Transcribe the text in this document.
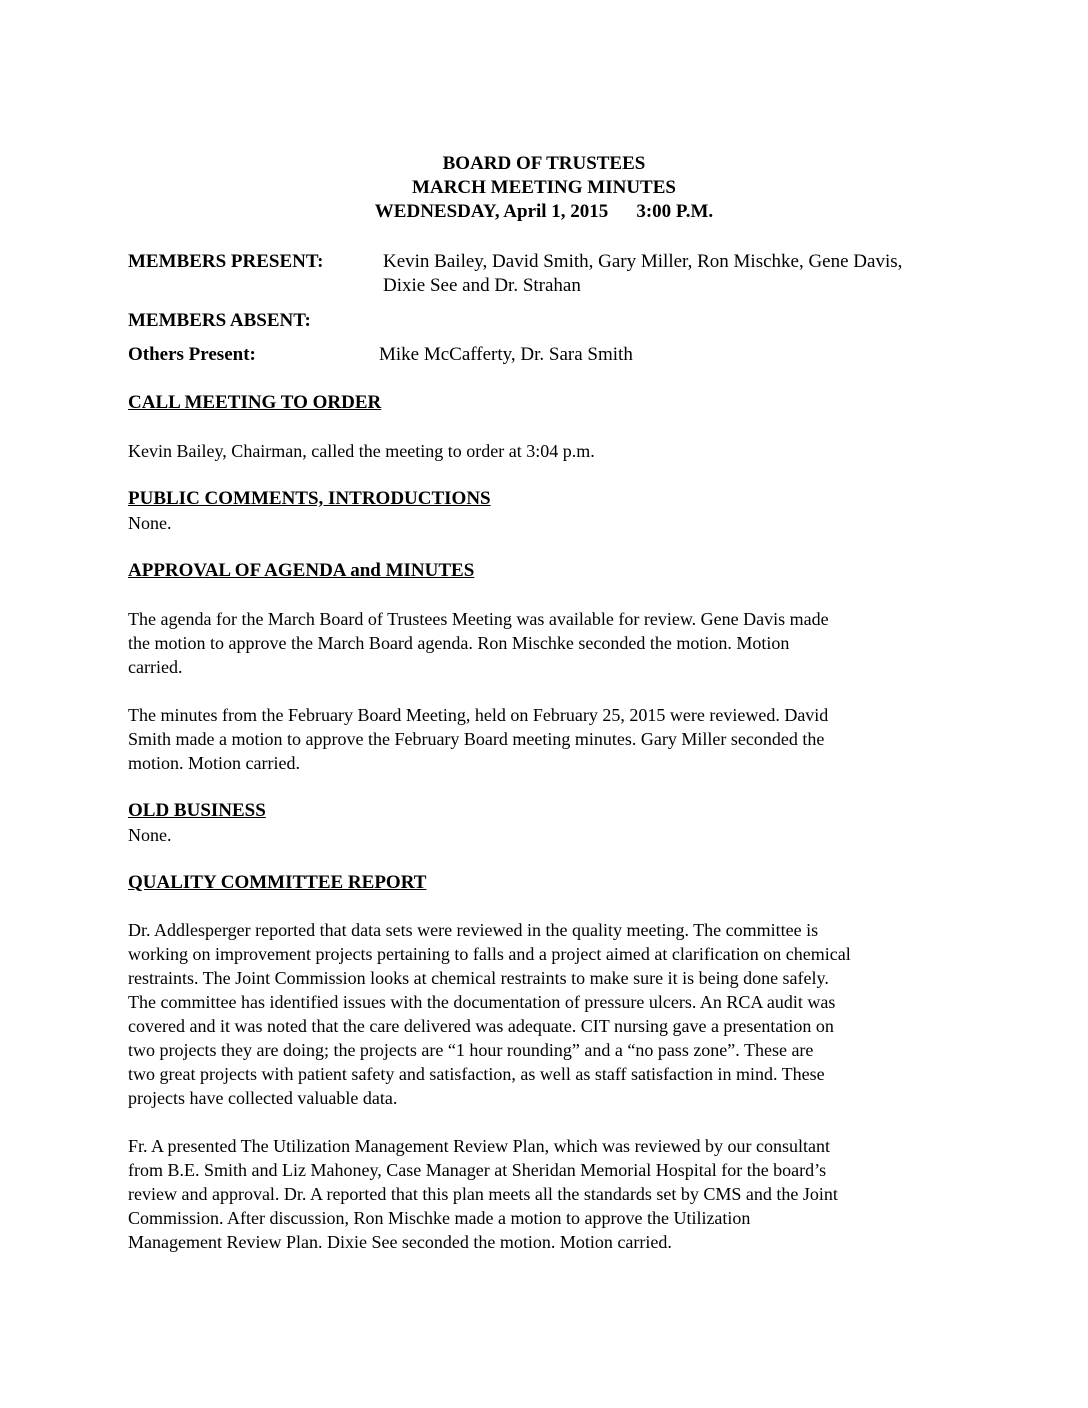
BOARD OF TRUSTEES
MARCH MEETING MINUTES
WEDNESDAY, April 1, 2015 3:00 P.M.
MEMBERS PRESENT:	Kevin Bailey, David Smith, Gary Miller, Ron Mischke, Gene Davis,
Dixie See and Dr. Strahan
MEMBERS ABSENT:
Others Present:	Mike McCafferty, Dr. Sara Smith
CALL MEETING TO ORDER
Kevin Bailey, Chairman, called the meeting to order at 3:04 p.m.
PUBLIC COMMENTS, INTRODUCTIONS
None.
APPROVAL OF AGENDA and MINUTES
The agenda for the March Board of Trustees Meeting was available for review. Gene Davis made
the motion to approve the March Board agenda. Ron Mischke seconded the motion. Motion
carried.
The minutes from the February Board Meeting, held on February 25, 2015 were reviewed. David
Smith made a motion to approve the February Board meeting minutes. Gary Miller seconded the
motion. Motion carried.
OLD BUSINESS
None.
QUALITY COMMITTEE REPORT
Dr. Addlesperger reported that data sets were reviewed in the quality meeting. The committee is
working on improvement projects pertaining to falls and a project aimed at clarification on chemical
restraints. The Joint Commission looks at chemical restraints to make sure it is being done safely.
The committee has identified issues with the documentation of pressure ulcers. An RCA audit was
covered and it was noted that the care delivered was adequate. CIT nursing gave a presentation on
two projects they are doing; the projects are “1 hour rounding” and a “no pass zone”. These are
two great projects with patient safety and satisfaction, as well as staff satisfaction in mind. These
projects have collected valuable data.
Fr. A presented The Utilization Management Review Plan, which was reviewed by our consultant
from B.E. Smith and Liz Mahoney, Case Manager at Sheridan Memorial Hospital for the board’s
review and approval. Dr. A reported that this plan meets all the standards set by CMS and the Joint
Commission. After discussion, Ron Mischke made a motion to approve the Utilization
Management Review Plan. Dixie See seconded the motion. Motion carried.
